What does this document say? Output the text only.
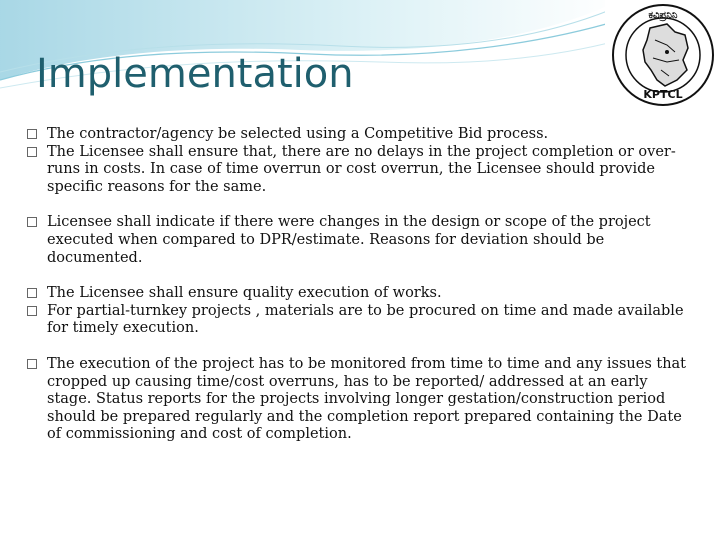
Implementation
ಕವಿಪ್ರನಿನಿ
KPTCL

The contractor/agency be selected using a Competitive Bid process.

The Licensee shall ensure that, there are no delays in the project completion or over-runs in costs. In case of time overrun or cost overrun, the Licensee should provide specific reasons for the same.

Licensee shall indicate if there were changes in the design or scope of the project executed when compared to DPR/estimate. Reasons for deviation should be documented.

The Licensee shall ensure quality execution of works.

For partial-turnkey projects , materials are to be procured on time and made available for timely execution.

The execution of the project has to be monitored from time to time and any issues that cropped up causing time/cost overruns, has to be reported/ addressed at an early stage. Status reports for the projects involving longer gestation/construction period should be prepared regularly and the completion report prepared containing the Date of commissioning and cost of completion.
